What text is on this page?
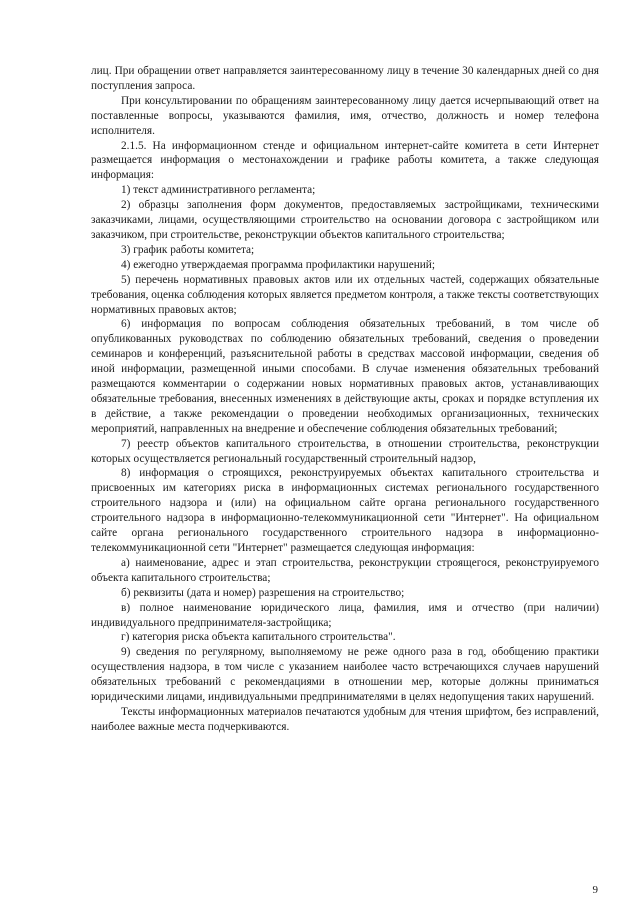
лиц. При обращении ответ направляется заинтересованному лицу в течение 30 календарных дней со дня поступления запроса.

При консультировании по обращениям заинтересованному лицу дается исчерпывающий ответ на поставленные вопросы, указываются фамилия, имя, отчество, должность и номер телефона исполнителя.

2.1.5. На информационном стенде и официальном интернет-сайте комитета в сети Интернет размещается информация о местонахождении и графике работы комитета, а также следующая информация:

1) текст административного регламента;

2) образцы заполнения форм документов, предоставляемых застройщиками, техническими заказчиками, лицами, осуществляющими строительство на основании договора с застройщиком или заказчиком, при строительстве, реконструкции объектов капитального строительства;

3) график работы комитета;

4) ежегодно утверждаемая программа профилактики нарушений;

5) перечень нормативных правовых актов или их отдельных частей, содержащих обязательные требования, оценка соблюдения которых является предметом контроля, а также тексты соответствующих нормативных правовых актов;

6) информация по вопросам соблюдения обязательных требований, в том числе об опубликованных руководствах по соблюдению обязательных требований, сведения о проведении семинаров и конференций, разъяснительной работы в средствах массовой информации, сведения об иной информации, размещенной иными способами. В случае изменения обязательных требований размещаются комментарии о содержании новых нормативных правовых актов, устанавливающих обязательные требования, внесенных изменениях в действующие акты, сроках и порядке вступления их в действие, а также рекомендации о проведении необходимых организационных, технических мероприятий, направленных на внедрение и обеспечение соблюдения обязательных требований;

7) реестр объектов капитального строительства, в отношении строительства, реконструкции которых осуществляется региональный государственный строительный надзор,

8) информация о строящихся, реконструируемых объектах капитального строительства и присвоенных им категориях риска в информационных системах регионального государственного строительного надзора и (или) на официальном сайте органа регионального государственного строительного надзора в информационно-телекоммуникационной сети "Интернет". На официальном сайте органа регионального государственного строительного надзора в информационно-телекоммуникационной сети "Интернет" размещается следующая информация:

а) наименование, адрес и этап строительства, реконструкции строящегося, реконструируемого объекта капитального строительства;

б) реквизиты (дата и номер) разрешения на строительство;

в) полное наименование юридического лица, фамилия, имя и отчество (при наличии) индивидуального предпринимателя-застройщика;

г) категория риска объекта капитального строительства".

9) сведения по регулярному, выполняемому не реже одного раза в год, обобщению практики осуществления надзора, в том числе с указанием наиболее часто встречающихся случаев нарушений обязательных требований с рекомендациями в отношении мер, которые должны приниматься юридическими лицами, индивидуальными предпринимателями в целях недопущения таких нарушений.

Тексты информационных материалов печатаются удобным для чтения шрифтом, без исправлений, наиболее важные места подчеркиваются.

9
